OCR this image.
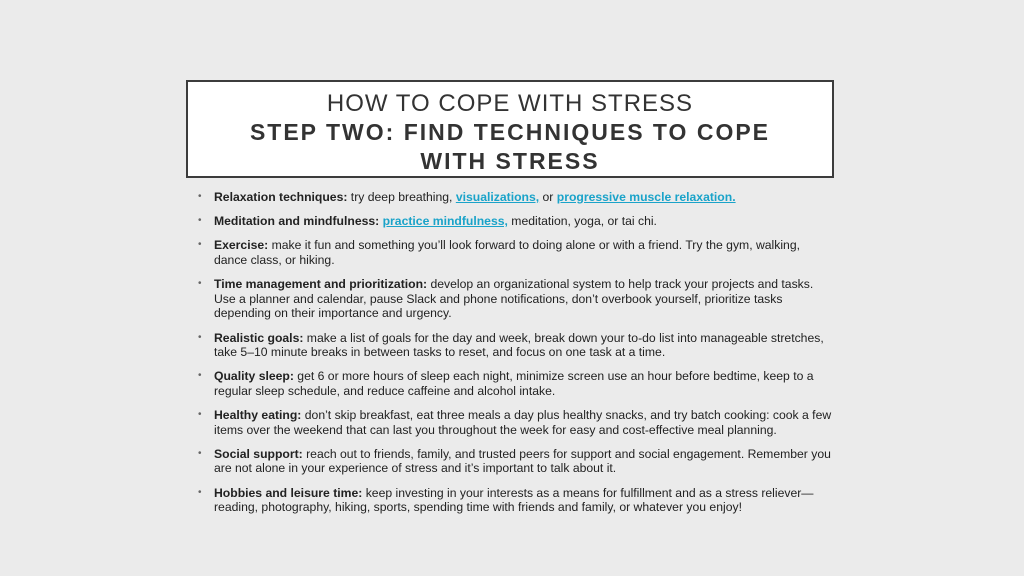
HOW TO COPE WITH STRESS
STEP TWO: FIND TECHNIQUES TO COPE WITH STRESS
• Relaxation techniques: try deep breathing, visualizations, or progressive muscle relaxation.
• Meditation and mindfulness: practice mindfulness, meditation, yoga, or tai chi.
• Exercise: make it fun and something you’ll look forward to doing alone or with a friend. Try the gym, walking, dance class, or hiking.
• Time management and prioritization: develop an organizational system to help track your projects and tasks. Use a planner and calendar, pause Slack and phone notifications, don’t overbook yourself, prioritize tasks depending on their importance and urgency.
• Realistic goals: make a list of goals for the day and week, break down your to-do list into manageable stretches, take 5–10 minute breaks in between tasks to reset, and focus on one task at a time.
• Quality sleep: get 6 or more hours of sleep each night, minimize screen use an hour before bedtime, keep to a regular sleep schedule, and reduce caffeine and alcohol intake.
• Healthy eating: don’t skip breakfast, eat three meals a day plus healthy snacks, and try batch cooking: cook a few items over the weekend that can last you throughout the week for easy and cost-effective meal planning.
• Social support: reach out to friends, family, and trusted peers for support and social engagement. Remember you are not alone in your experience of stress and it’s important to talk about it.
• Hobbies and leisure time: keep investing in your interests as a means for fulfillment and as a stress reliever—reading, photography, hiking, sports, spending time with friends and family, or whatever you enjoy!
